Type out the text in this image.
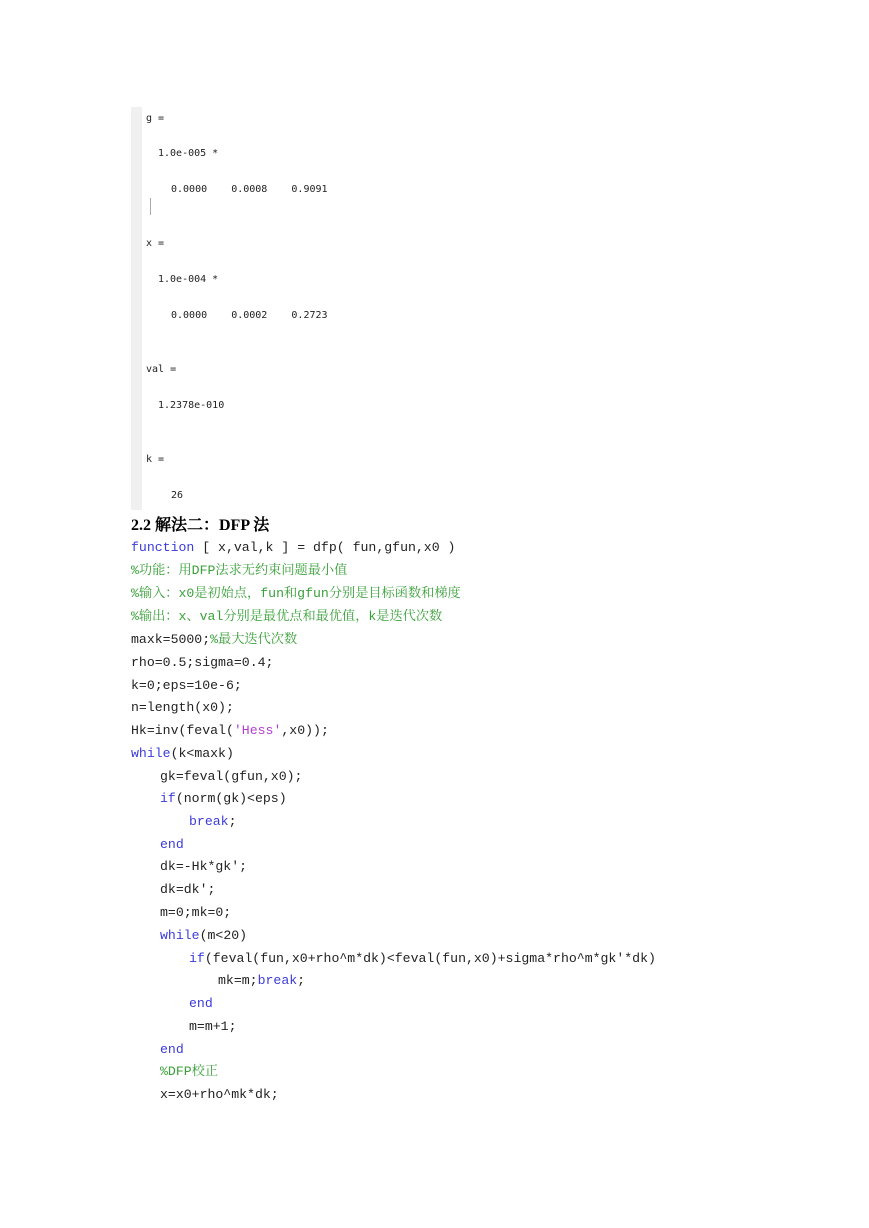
g =
1.0e-005 *
0.0000    0.0008    0.9091
x =
1.0e-004 *
0.0000    0.0002    0.2723
val =
1.2378e-010
k =
26
2.2 解法二：DFP 法
function [ x,val,k ] = dfp( fun,gfun,x0 )
%功能：用DFP法求无约束问题最小值
%输入：x0是初始点，fun和gfun分别是目标函数和梯度
%输出：x、val分别是最优点和最优值，k是迭代次数
maxk=5000;%最大迭代次数
rho=0.5;sigma=0.4;
k=0;eps=10e-6;
n=length(x0);
Hk=inv(feval('Hess',x0));
while(k<maxk)
gk=feval(gfun,x0);
if(norm(gk)<eps)
break;
end
dk=-Hk*gk';
dk=dk';
m=0;mk=0;
while(m<20)
if(feval(fun,x0+rho^m*dk)<feval(fun,x0)+sigma*rho^m*gk'*dk)
mk=m;break;
end
m=m+1;
end
%DFP校正
x=x0+rho^mk*dk;
